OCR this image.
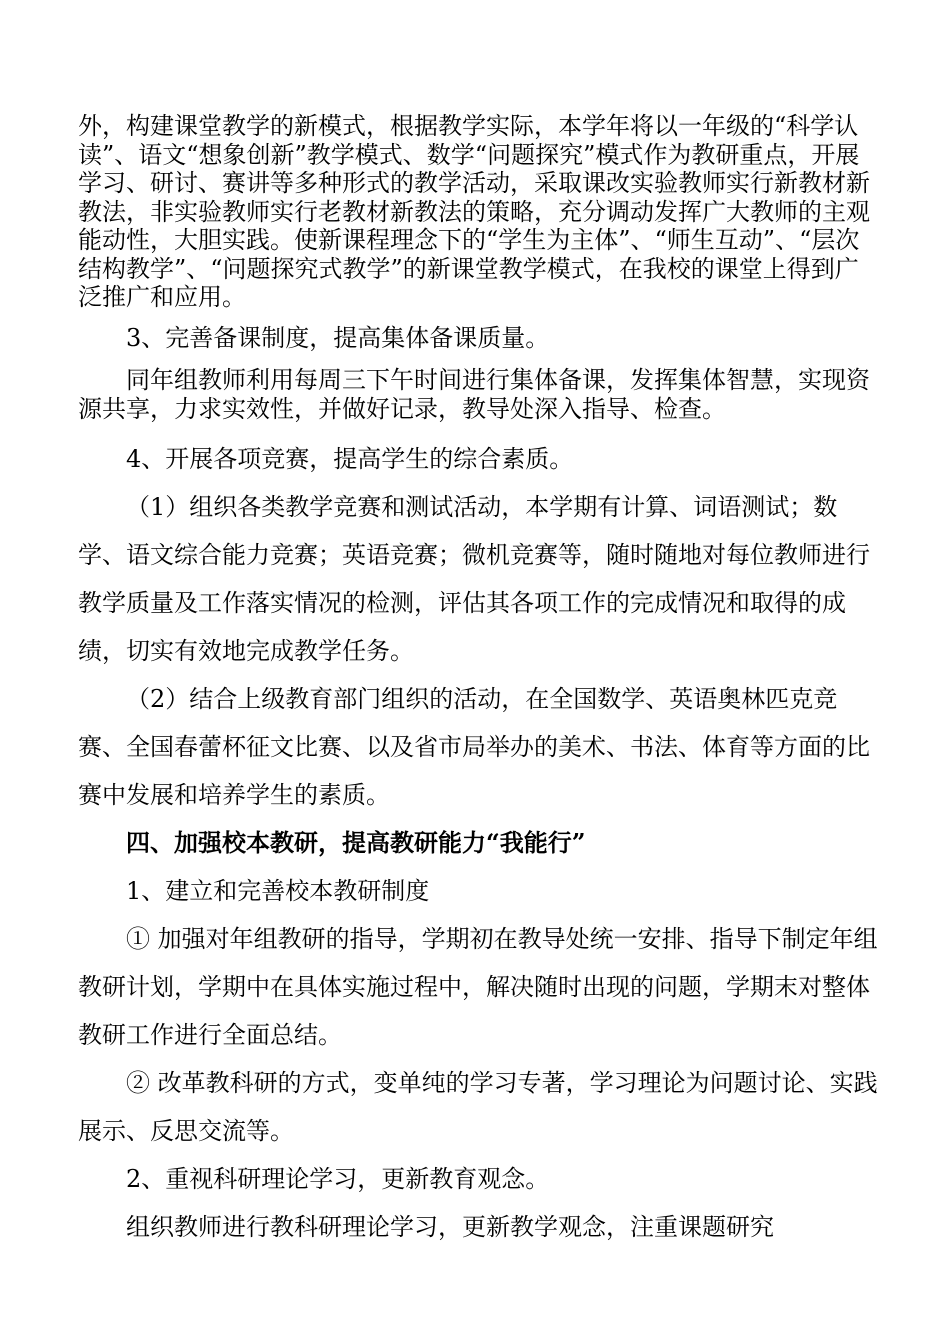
外，构建课堂教学的新模式，根据教学实际，本学年将以一年级的“科学认读”、语文“想象创新”教学模式、数学“问题探究”模式作为教研重点，开展学习、研讨、赛讲等多种形式的教学活动，采取课改实验教师实行新教材新教法，非实验教师实行老教材新教法的策略，充分调动发挥广大教师的主观能动性，大胆实践。使新课程理念下的“学生为主体”、“师生互动”、“层次结构教学”、“问题探究式教学”的新课堂教学模式，在我校的课堂上得到广泛推广和应用。

3、完善备课制度，提高集体备课质量。

同年组教师利用每周三下午时间进行集体备课，发挥集体智慧，实现资源共享，力求实效性，并做好记录，教导处深入指导、检查。

4、开展各项竞赛，提高学生的综合素质。

（1）组织各类教学竞赛和测试活动，本学期有计算、词语测试；数学、语文综合能力竞赛；英语竞赛；微机竞赛等，随时随地对每位教师进行教学质量及工作落实情况的检测，评估其各项工作的完成情况和取得的成绩，切实有效地完成教学任务。

（2）结合上级教育部门组织的活动，在全国数学、英语奥林匹克竞赛、全国春蕾杯征文比赛、以及省市局举办的美术、书法、体育等方面的比赛中发展和培养学生的素质。

四、加强校本教研，提高教研能力“我能行”

1、建立和完善校本教研制度

① 加强对年组教研的指导，学期初在教导处统一安排、指导下制定年组教研计划，学期中在具体实施过程中，解决随时出现的问题，学期末对整体教研工作进行全面总结。

② 改革教科研的方式，变单纯的学习专著，学习理论为问题讨论、实践展示、反思交流等。

2、重视科研理论学习，更新教育观念。

组织教师进行教科研理论学习，更新教学观念，注重课题研究
